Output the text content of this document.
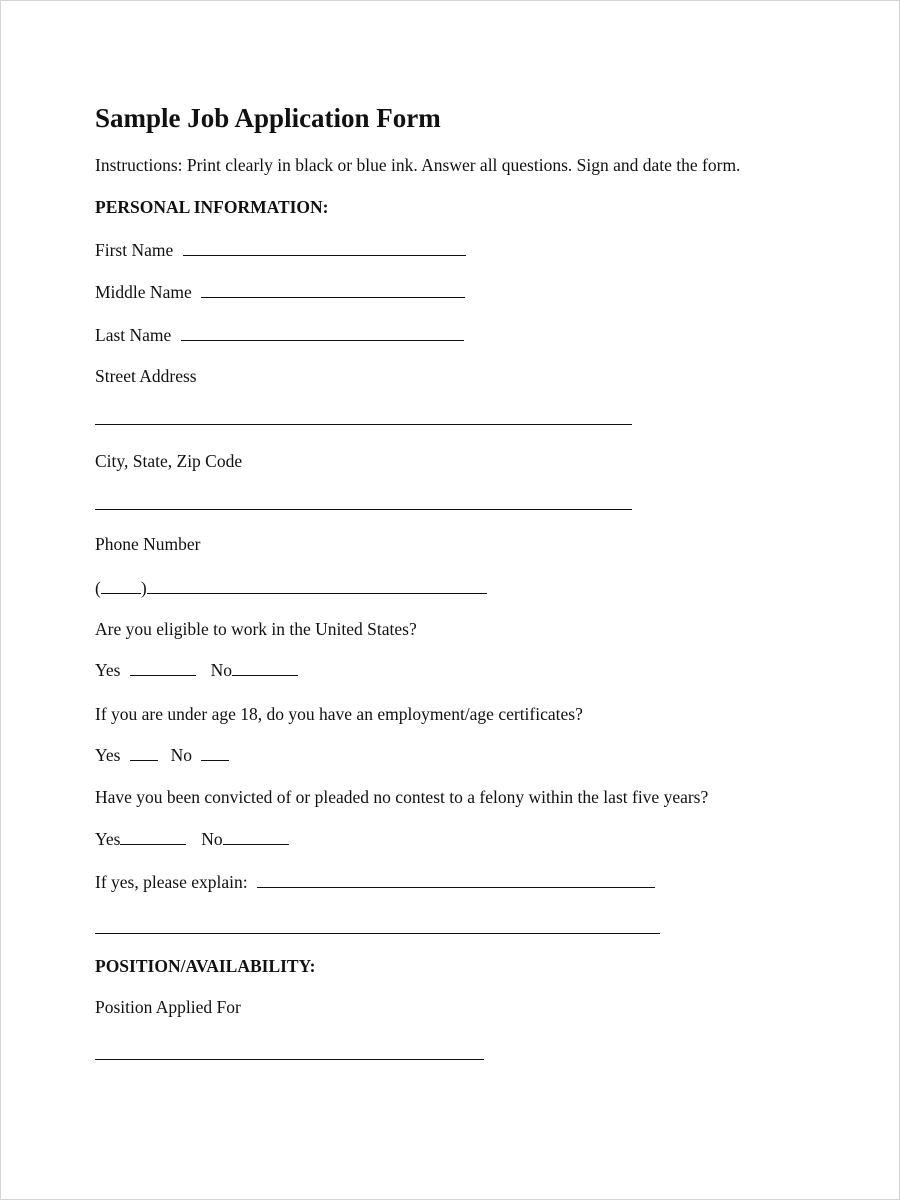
Sample Job Application Form
Instructions: Print clearly in black or blue ink. Answer all questions. Sign and date the form.
PERSONAL INFORMATION:
First Name
Middle Name
Last Name
Street Address
City, State, Zip Code
Phone Number
( )
Are you eligible to work in the United States?
Yes	No
If you are under age 18, do you have an employment/age certificates?
Yes	No
Have you been convicted of or pleaded no contest to a felony within the last five years?
Yes	No
If yes, please explain:
POSITION/AVAILABILITY:
Position Applied For
